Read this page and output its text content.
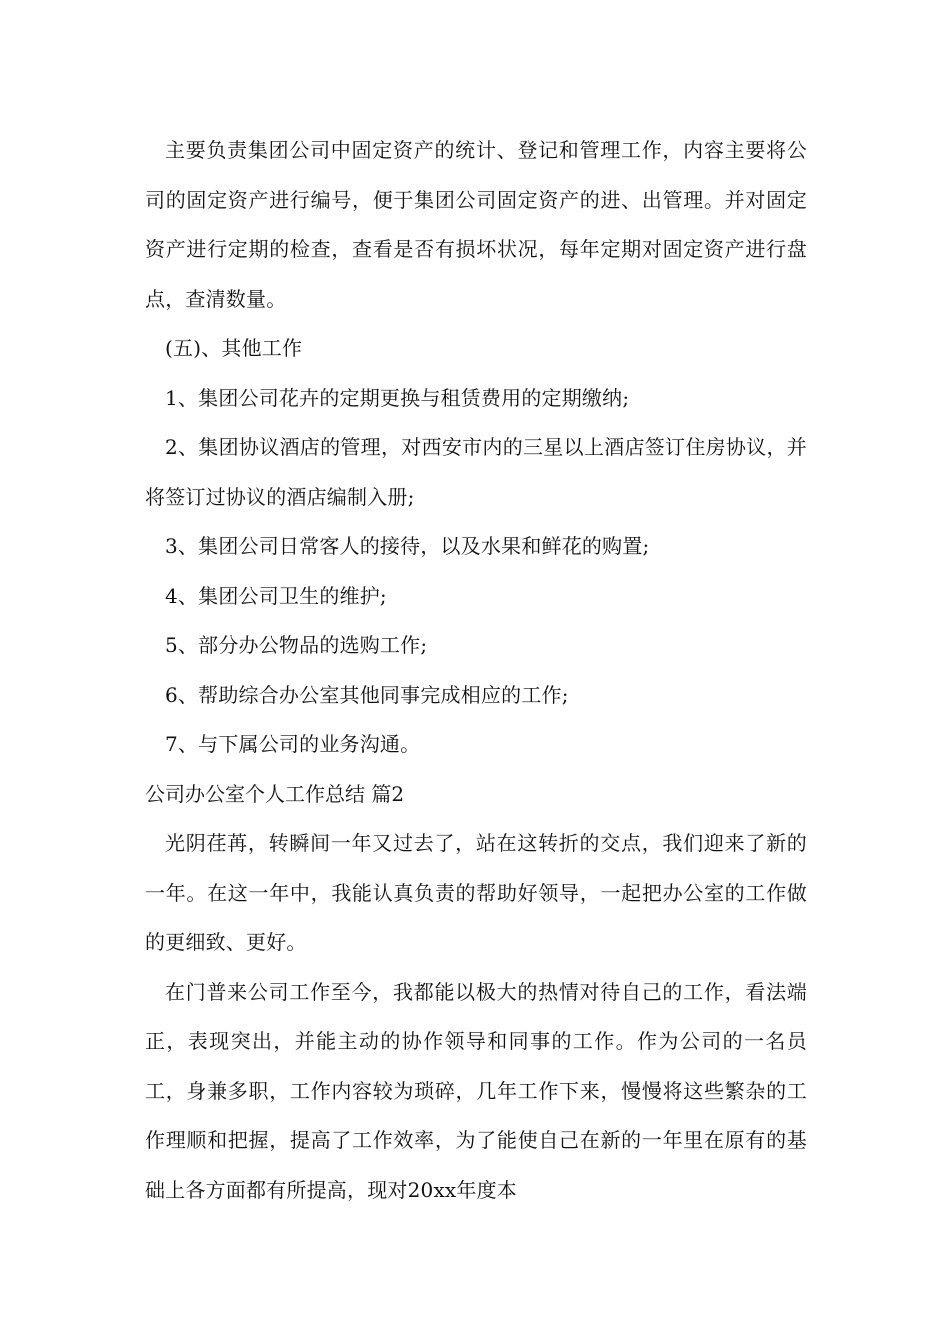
主要负责集团公司中固定资产的统计、登记和管理工作，内容主要将公司的固定资产进行编号，便于集团公司固定资产的进、出管理。并对固定资产进行定期的检查，查看是否有损坏状况，每年定期对固定资产进行盘点，查清数量。

(五)、其他工作

1、集团公司花卉的定期更换与租赁费用的定期缴纳;

2、集团协议酒店的管理，对西安市内的三星以上酒店签订住房协议，并将签订过协议的酒店编制入册;

3、集团公司日常客人的接待，以及水果和鲜花的购置;

4、集团公司卫生的维护;

5、部分办公物品的选购工作;

6、帮助综合办公室其他同事完成相应的工作;

7、与下属公司的业务沟通。

公司办公室个人工作总结 篇2

光阴荏苒，转瞬间一年又过去了，站在这转折的交点，我们迎来了新的一年。在这一年中，我能认真负责的帮助好领导，一起把办公室的工作做的更细致、更好。

在门普来公司工作至今，我都能以极大的热情对待自己的工作，看法端正，表现突出，并能主动的协作领导和同事的工作。作为公司的一名员工，身兼多职，工作内容较为琐碎，几年工作下来，慢慢将这些繁杂的工作理顺和把握，提高了工作效率，为了能使自己在新的一年里在原有的基础上各方面都有所提高，现对20xx年度本
